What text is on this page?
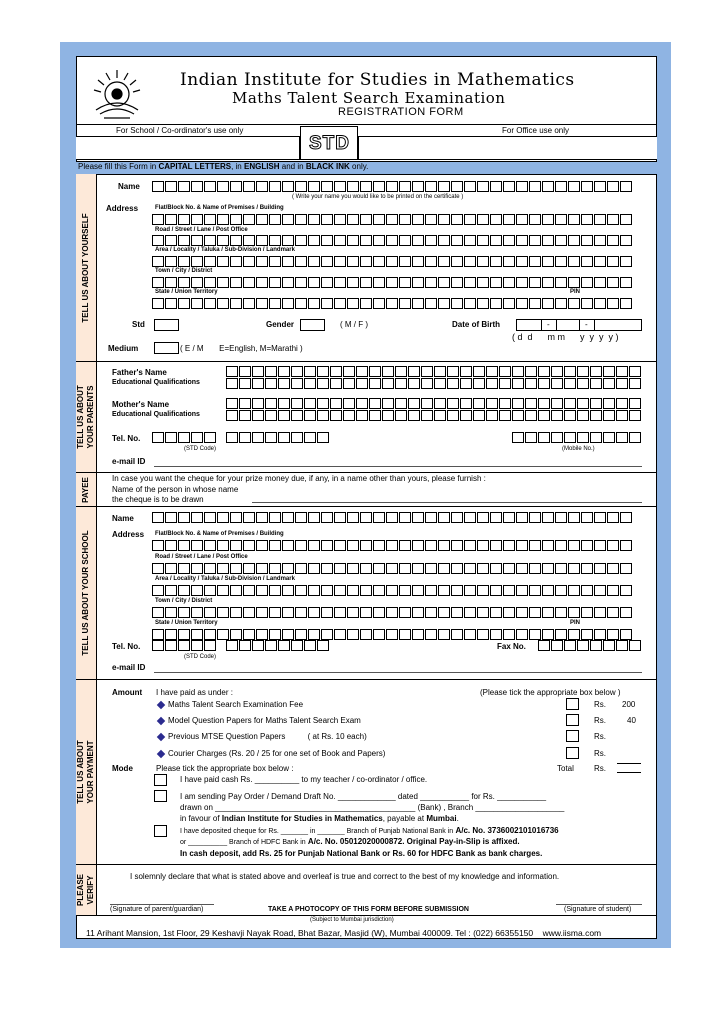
Indian Institute for Studies in Mathematics
Maths Talent Search Examination
REGISTRATION FORM
For School / Co-ordinator's use only	For Office use only
STD
Please fill this Form in CAPITAL LETTERS, in ENGLISH and in BLACK INK only.
TELL US ABOUT YOURSELF
TELL US ABOUT
YOUR PARENTS
PAYEE
TELL US ABOUT YOUR SCHOOL
TELL US ABOUT
YOUR PAYMENT
PLEASE
VERIFY
Name
( Write your name you would like to be printed on the certificate )
Address	Flat/Block No. & Name of Premises / Building
Road / Street / Lane / Post Office
Area / Locality / Taluka / Sub-Division / Landmark
Town / City / District
State / Union Territory	PIN
Std	Gender	( M / F )	Date of Birth	-	-
( d  d      m m      y  y  y  y )
Medium	( E / M       E=English, M=Marathi )
Father's Name
Educational Qualifications
Mother's Name
Educational Qualifications
Tel. No.
(STD Code)	(Mobile No.)
e-mail ID
In case you want the cheque for your prize money due, if any, in a name other than yours, please furnish :
Name of the person in whose name
the cheque is to be drawn
Name
Address Flat/Block No. & Name of Premises / Building
Road / Street / Lane / Post Office
Area / Locality / Taluka / Sub-Division / Landmark
Town / City / District
State / Union Territory	PIN
Tel. No.	Fax No.
(STD Code)
e-mail ID
Amount I have paid as under :	(Please tick the appropriate box below )
Maths Talent Search Examination Fee	Rs. 200
Model Question Papers for Maths Talent Search Exam	Rs.	40
Previous MTSE Question Papers          ( at Rs. 10 each)	Rs.
Courier Charges (Rs. 20 / 25 for one set of Book and Papers)	Rs.
Total	Rs.
Mode	Please tick the appropriate box below :
I have paid cash Rs. __________ to my teacher / co-ordinator / office.
I am sending Pay Order / Demand Draft No. _____________ dated ___________ for Rs. ___________
drawn on _____________________________________________ (Bank) , Branch ____________________
in favour of Indian Institute for Studies in Mathematics, payable at Mumbai.
I have deposited cheque for Rs. _______ in _______ Branch of Punjab National Bank in A/c. No. 3736002101016736
or __________ Branch of HDFC Bank in A/c. No. 05012020000872. Original Pay-in-Slip is affixed.
In cash deposit, add Rs. 25 for Punjab National Bank or Rs. 60 for HDFC Bank as bank charges.
I solemnly declare that what is stated above and overleaf is true and correct to the best of my knowledge and information.
(Signature of parent/guardian)	TAKE A PHOTOCOPY OF THIS FORM BEFORE SUBMISSION	(Signature of student)
(Subject to Mumbai jurisdiction)
11 Arihant Mansion, 1st Floor, 29 Keshavji Nayak Road, Bhat Bazar, Masjid (W), Mumbai 400009. Tel : (022) 66355150    www.iisma.com
